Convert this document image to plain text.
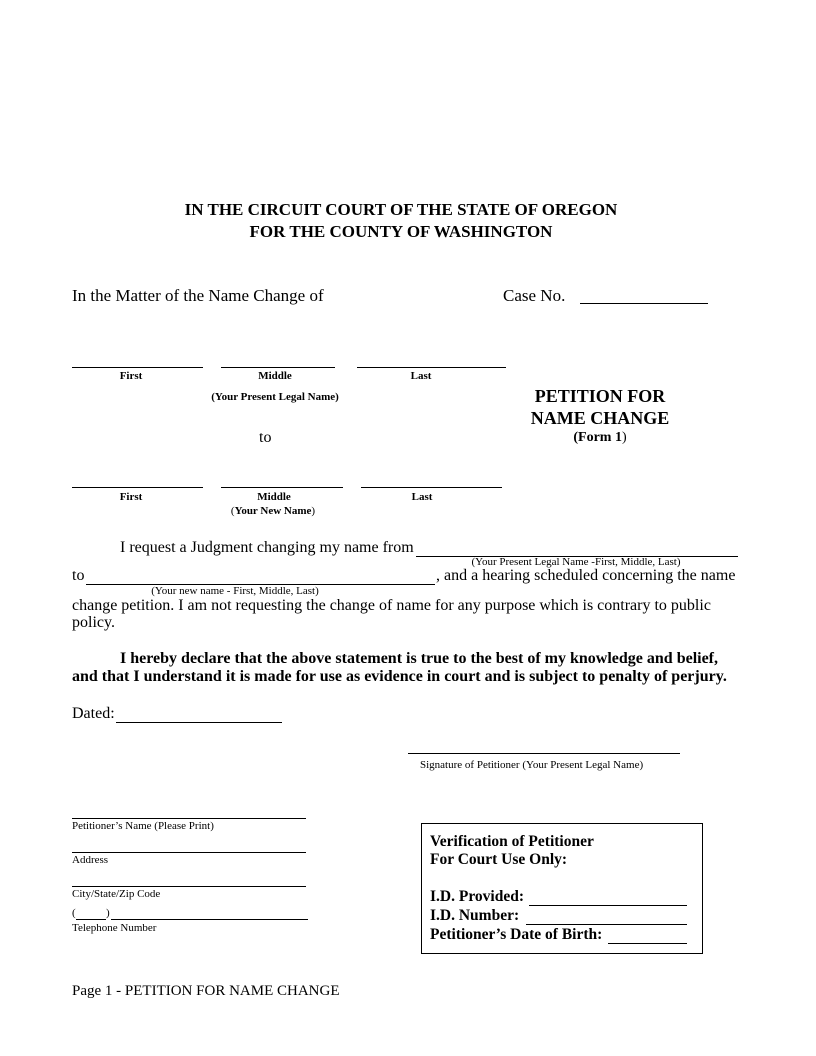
IN THE CIRCUIT COURT OF THE STATE OF OREGON
FOR THE COUNTY OF WASHINGTON
In the Matter of the Name Change of	Case No.
First	Middle	Last
(Your Present Legal Name)
to
PETITION FOR
NAME CHANGE
(Form 1)
First	Middle	Last
(Your New Name)
I request a Judgment changing my name from
(Your Present Legal Name -First, Middle, Last)
to	, and a hearing scheduled concerning the name
(Your new name - First, Middle, Last)
change petition. I am not requesting the change of name for any purpose which is contrary to public
policy.
I hereby declare that the above statement is true to the best of my knowledge and belief,
and that I understand it is made for use as evidence in court and is subject to penalty of perjury.
Dated:
Signature of Petitioner (Your Present Legal Name)
Petitioner’s Name (Please Print)
Address
City/State/Zip Code
(	)
Telephone Number
Verification of Petitioner
For Court Use Only:
I.D. Provided:
I.D. Number:
Petitioner’s Date of Birth:
Page 1 - PETITION FOR NAME CHANGE
